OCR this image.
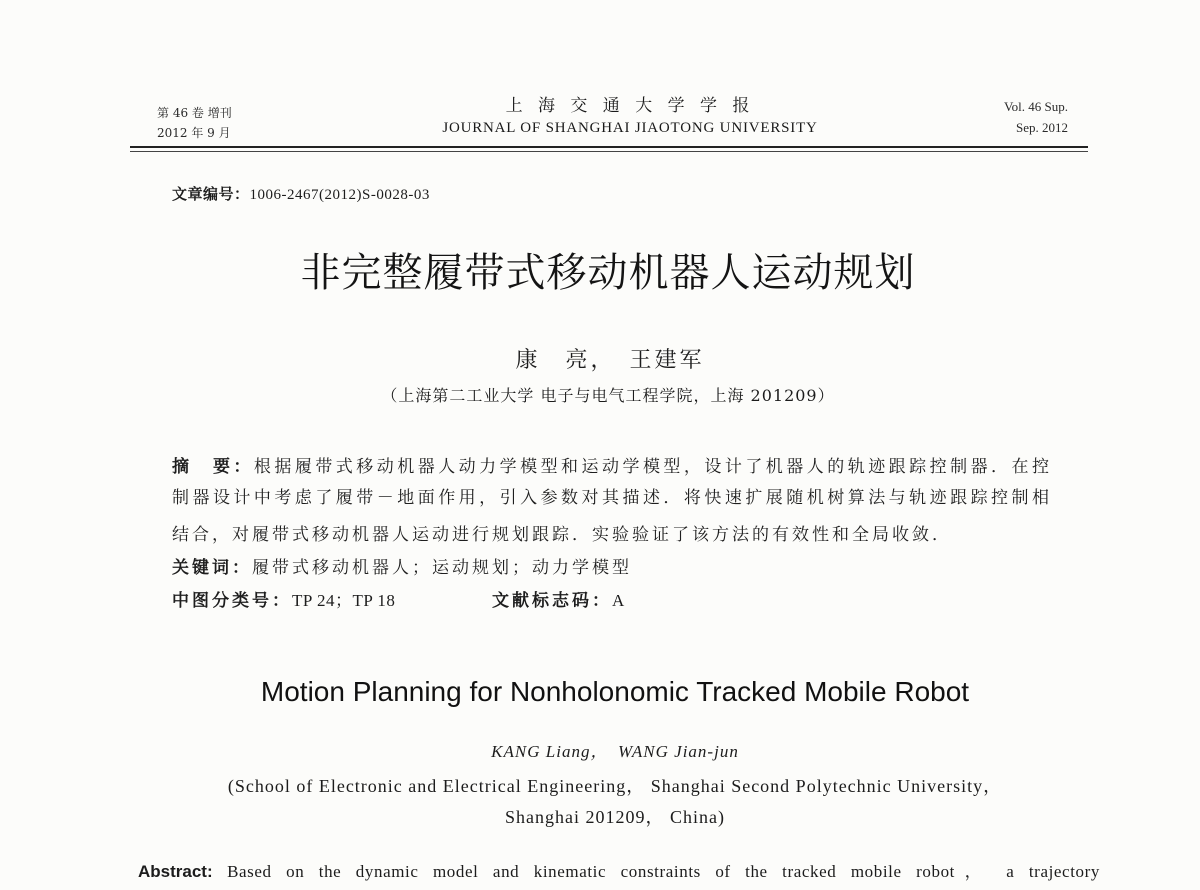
第 46 卷 增刊
2012 年 9 月
上 海 交 通 大 学 学 报
JOURNAL OF SHANGHAI JIAOTONG UNIVERSITY
Vol. 46 Sup.
Sep. 2012
文章编号：1006-2467(2012)S-0028-03
非完整履带式移动机器人运动规划
康　亮，　王建军
（上海第二工业大学 电子与电气工程学院，上海 201209）
摘　要：根据履带式移动机器人动力学模型和运动学模型，设计了机器人的轨迹跟踪控制器．在控
制器设计中考虑了履带－地面作用，引入参数对其描述．将快速扩展随机树算法与轨迹跟踪控制相
结合，对履带式移动机器人运动进行规划跟踪．实验验证了该方法的有效性和全局收敛．
关键词：履带式移动机器人；运动规划；动力学模型
中图分类号：TP 24；TP 18	文献标志码：A
Motion Planning for Nonholonomic Tracked Mobile Robot
KANG Liang，　WANG Jian-jun
(School of Electronic and Electrical Engineering， Shanghai Second Polytechnic University，
Shanghai 201209， China)
Abstract: Based on the dynamic model and kinematic constraints of the tracked mobile robot， a trajectory
